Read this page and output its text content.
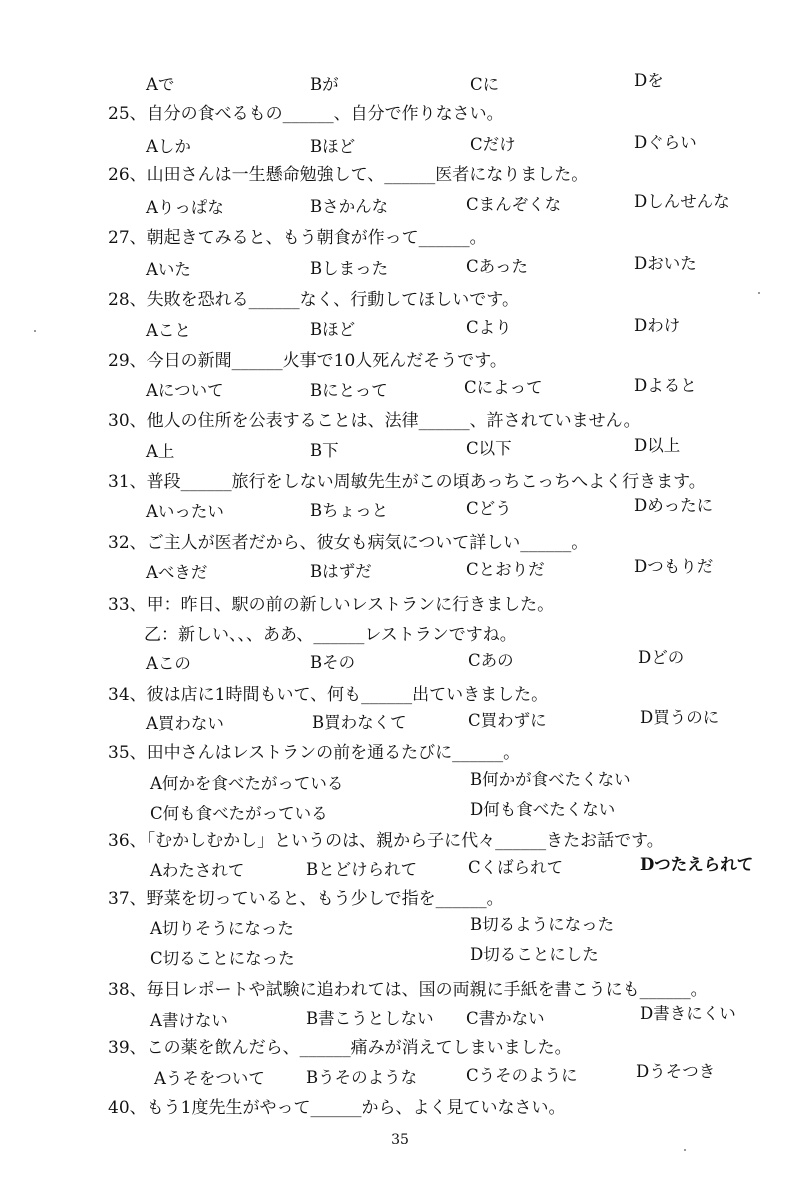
Aで	Bが	Cに	Dを
25、自分の食べるもの______、自分で作りなさい。
Aしか	Bほど	Cだけ	Dぐらい
26、山田さんは一生懸命勉強して、______医者になりました。
Aりっぱな	Bさかんな	Cまんぞくな	Dしんせんな
27、朝起きてみると、もう朝食が作って______。
Aいた	Bしまった	Cあった	Dおいた
28、失敗を恐れる______なく、行動してほしいです。
Aこと	Bほど	Cより	Dわけ
29、今日の新聞______火事で10人死んだそうです。
Aについて	Bにとって	Cによって	Dよると
30、他人の住所を公表することは、法律______、許されていません。
A上	B下	C以下	D以上
31、普段______旅行をしない周敏先生がこの頃あっちこっちへよく行きます。
Aいったい	Bちょっと	Cどう	Dめったに
32、ご主人が医者だから、彼女も病気について詳しい______。
Aべきだ	Bはずだ	Cとおりだ	Dつもりだ
33、甲：昨日、駅の前の新しいレストランに行きました。
乙：新しい、、、ああ、______レストランですね。
Aこの	Bその	Cあの	Dどの
34、彼は店に1時間もいて、何も______出ていきました。
A買わない	B買わなくて	C買わずに	D買うのに
35、田中さんはレストランの前を通るたびに______。
A何かを食べたがっている	B何かが食べたくない
C何も食べたがっている	D何も食べたくない
36、「むかしむかし」というのは、親から子に代々______きたお話です。
Aわたされて	Bとどけられて	Cくばられて	Dつたえられて
37、野菜を切っていると、もう少しで指を______。
A切りそうになった	B切るようになった
C切ることになった	D切ることにした
38、毎日レポートや試験に追われては、国の両親に手紙を書こうにも______。
A書けない	B書こうとしない C書かない	D書きにくい
39、この薬を飲んだら、______痛みが消えてしまいました。
Aうそをついて Bうそのような	Cうそのように	Dうそつき
40、もう1度先生がやって______から、よく見ていなさい。
35
